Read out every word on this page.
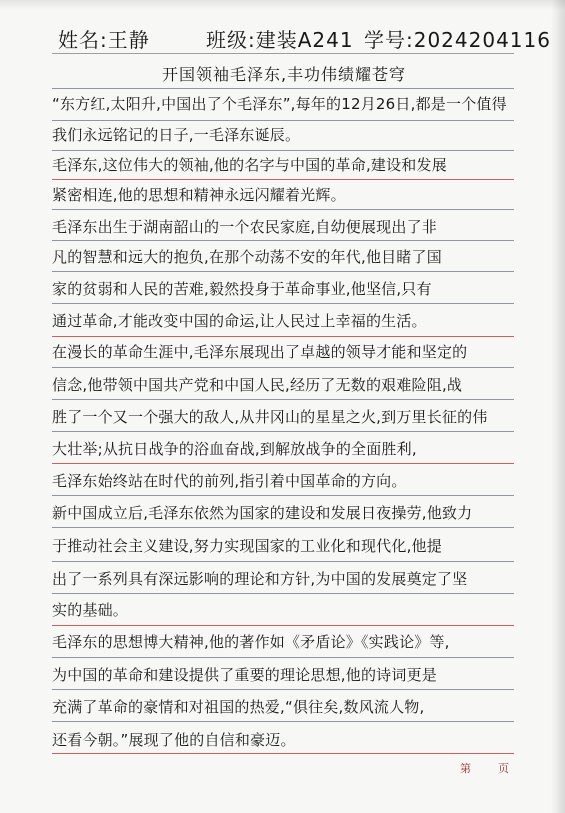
姓名:王静	班级:建装A241 学号:2024204116
开国领袖毛泽东,丰功伟绩耀苍穹
“东方红,太阳升,中国出了个毛泽东”,每年的12月26日,都是一个值得
我们永远铭记的日子,一毛泽东诞辰。
毛泽东,这位伟大的领袖,他的名字与中国的革命,建设和发展
紧密相连,他的思想和精神永远闪耀着光辉。
毛泽东出生于湖南韶山的一个农民家庭,自幼便展现出了非
凡的智慧和远大的抱负,在那个动荡不安的年代,他目睹了国
家的贫弱和人民的苦难,毅然投身于革命事业,他坚信,只有
通过革命,才能改变中国的命运,让人民过上幸福的生活。
在漫长的革命生涯中,毛泽东展现出了卓越的领导才能和坚定的
信念,他带领中国共产党和中国人民,经历了无数的艰难险阻,战
胜了一个又一个强大的敌人,从井冈山的星星之火,到万里长征的伟
大壮举;从抗日战争的浴血奋战,到解放战争的全面胜利,
毛泽东始终站在时代的前列,指引着中国革命的方向。
新中国成立后,毛泽东依然为国家的建设和发展日夜操劳,他致力
于推动社会主义建设,努力实现国家的工业化和现代化,他提
出了一系列具有深远影响的理论和方针,为中国的发展奠定了坚
实的基础。
毛泽东的思想博大精神,他的著作如《矛盾论》《实践论》等,
为中国的革命和建设提供了重要的理论思想,他的诗词更是
充满了革命的豪情和对祖国的热爱,“俱往矣,数风流人物,
还看今朝。”展现了他的自信和豪迈。
第 页
